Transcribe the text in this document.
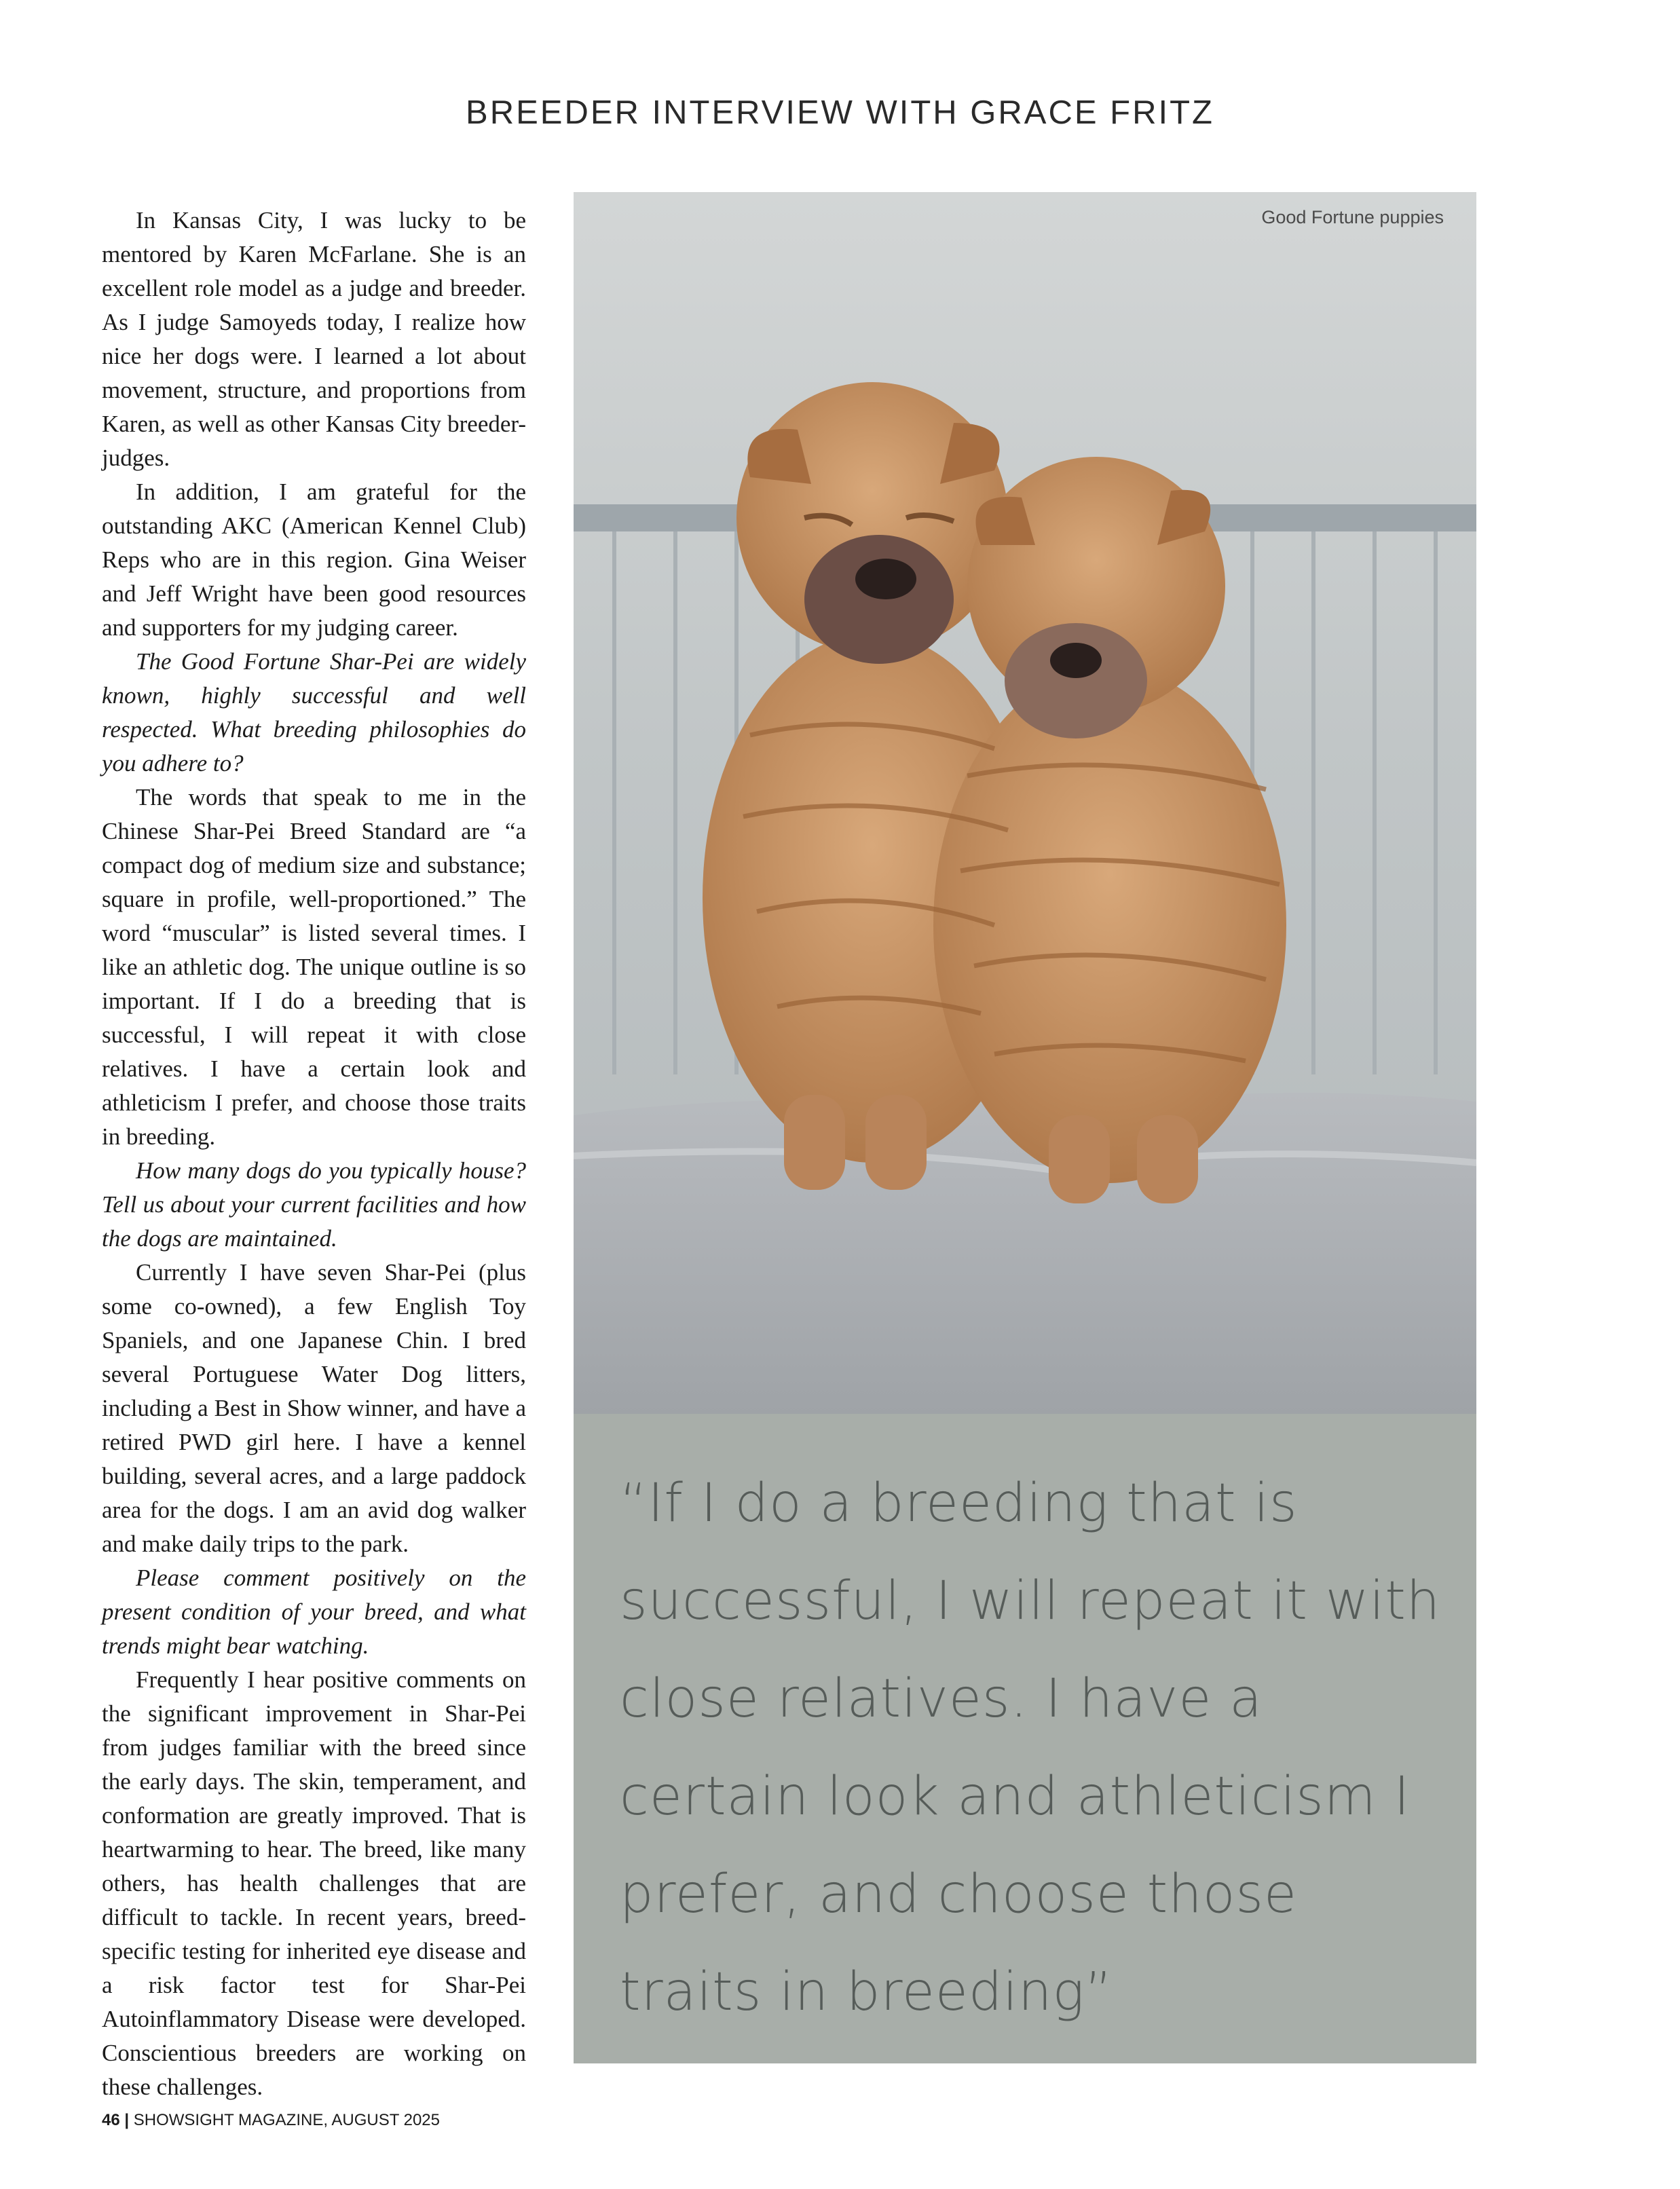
BREEDER INTERVIEW WITH GRACE FRITZ

In Kansas City, I was lucky to be mentored by Karen McFarlane. She is an excellent role model as a judge and breeder. As I judge Samoyeds today, I realize how nice her dogs were. I learned a lot about movement, structure, and proportions from Karen, as well as other Kansas City breeder-judges.

In addition, I am grateful for the outstanding AKC (American Kennel Club) Reps who are in this region. Gina Weiser and Jeff Wright have been good resources and supporters for my judging career.

The Good Fortune Shar-Pei are widely known, highly successful and well respected. What breeding philosophies do you adhere to?

The words that speak to me in the Chinese Shar-Pei Breed Standard are “a compact dog of medium size and substance; square in profile, well-proportioned.” The word “muscular” is listed several times. I like an athletic dog. The unique outline is so important. If I do a breeding that is successful, I will repeat it with close relatives. I have a certain look and athleticism I prefer, and choose those traits in breeding.

How many dogs do you typically house? Tell us about your current facilities and how the dogs are maintained.

Currently I have seven Shar-Pei (plus some co-owned), a few English Toy Spaniels, and one Japanese Chin. I bred several Portuguese Water Dog litters, including a Best in Show winner, and have a retired PWD girl here. I have a kennel building, several acres, and a large paddock area for the dogs. I am an avid dog walker and make daily trips to the park.

Please comment positively on the present condition of your breed, and what trends might bear watching.

Frequently I hear positive comments on the significant improvement in Shar-Pei from judges familiar with the breed since the early days. The skin, temperament, and conformation are greatly improved. That is heartwarming to hear. The breed, like many others, has health challenges that are difficult to tackle. In recent years, breed-specific testing for inherited eye disease and a risk factor test for Shar-Pei Autoinflammatory Disease were developed. Conscientious breeders are working on these challenges.

Good Fortune puppies
“If I do a breeding that is successful, I will repeat it with close relatives. I have a certain look and athleticism I prefer, and choose those traits in breeding”
46 | SHOWSIGHT MAGAZINE, AUGUST 2025
